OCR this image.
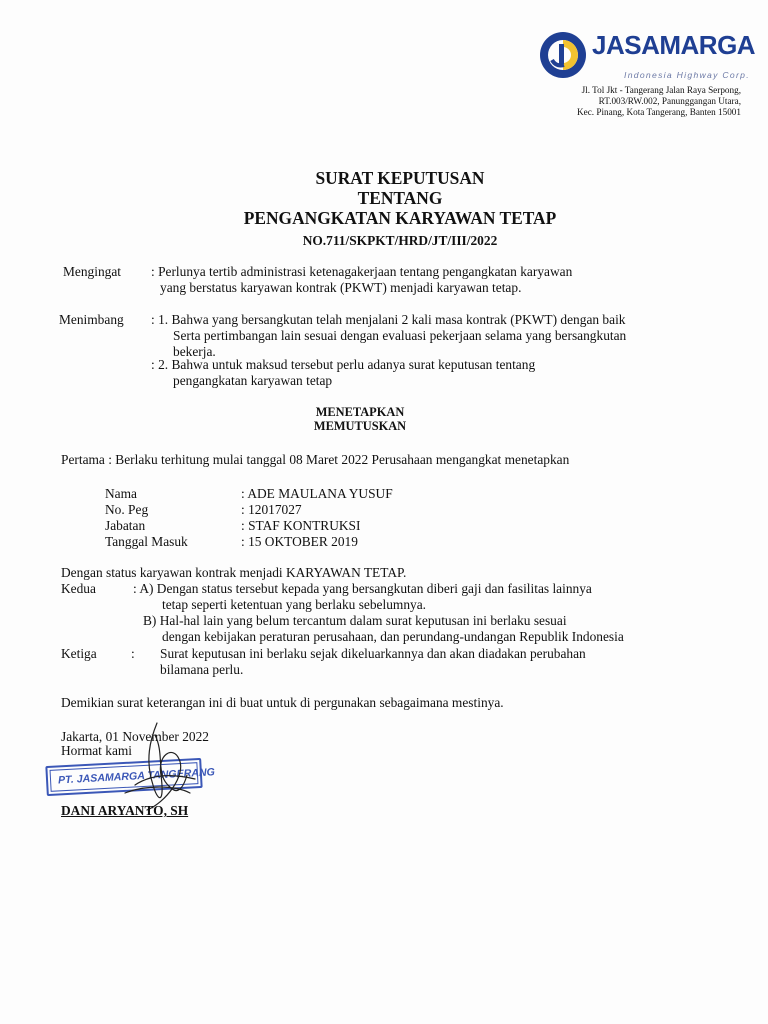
JASAMARGA
Indonesia Highway Corp.
Jl. Tol Jkt - Tangerang Jalan Raya Serpong,
RT.003/RW.002, Panunggangan Utara,
Kec. Pinang, Kota Tangerang, Banten 15001
SURAT KEPUTUSAN
TENTANG
PENGANGKATAN KARYAWAN TETAP
NO.711/SKPKT/HRD/JT/III/2022
Mengingat : Perlunya tertib administrasi ketenagakerjaan tentang pengangkatan karyawan
yang berstatus karyawan kontrak (PKWT) menjadi karyawan tetap.
Menimbang : 1. Bahwa yang bersangkutan telah menjalani 2 kali masa kontrak (PKWT) dengan baik
Serta pertimbangan lain sesuai dengan evaluasi pekerjaan selama yang bersangkutan
bekerja.
: 2. Bahwa untuk maksud tersebut perlu adanya surat keputusan tentang
pengangkatan karyawan tetap
MENETAPKAN
MEMUTUSKAN
Pertama : Berlaku terhitung mulai tanggal 08 Maret 2022 Perusahaan mengangkat menetapkan
Nama	: ADE MAULANA YUSUF
No. Peg	: 12017027
Jabatan	: STAF KONTRUKSI
Tanggal Masuk	: 15 OKTOBER 2019
Dengan status karyawan kontrak menjadi KARYAWAN TETAP.
Kedua	: A) Dengan status tersebut kepada yang bersangkutan diberi gaji dan fasilitas lainnya
tetap seperti ketentuan yang berlaku sebelumnya.
B) Hal-hal lain yang belum tercantum dalam surat keputusan ini berlaku sesuai
dengan kebijakan peraturan perusahaan, dan perundang-undangan Republik Indonesia
Ketiga	: Surat keputusan ini berlaku sejak dikeluarkannya dan akan diadakan perubahan
bilamana perlu.
Demikian surat keterangan ini di buat untuk di pergunakan sebagaimana mestinya.
Jakarta, 01 November 2022
Hormat kami
PT. JASAMARGA TANGERANG
DANI ARYANTO, SH
